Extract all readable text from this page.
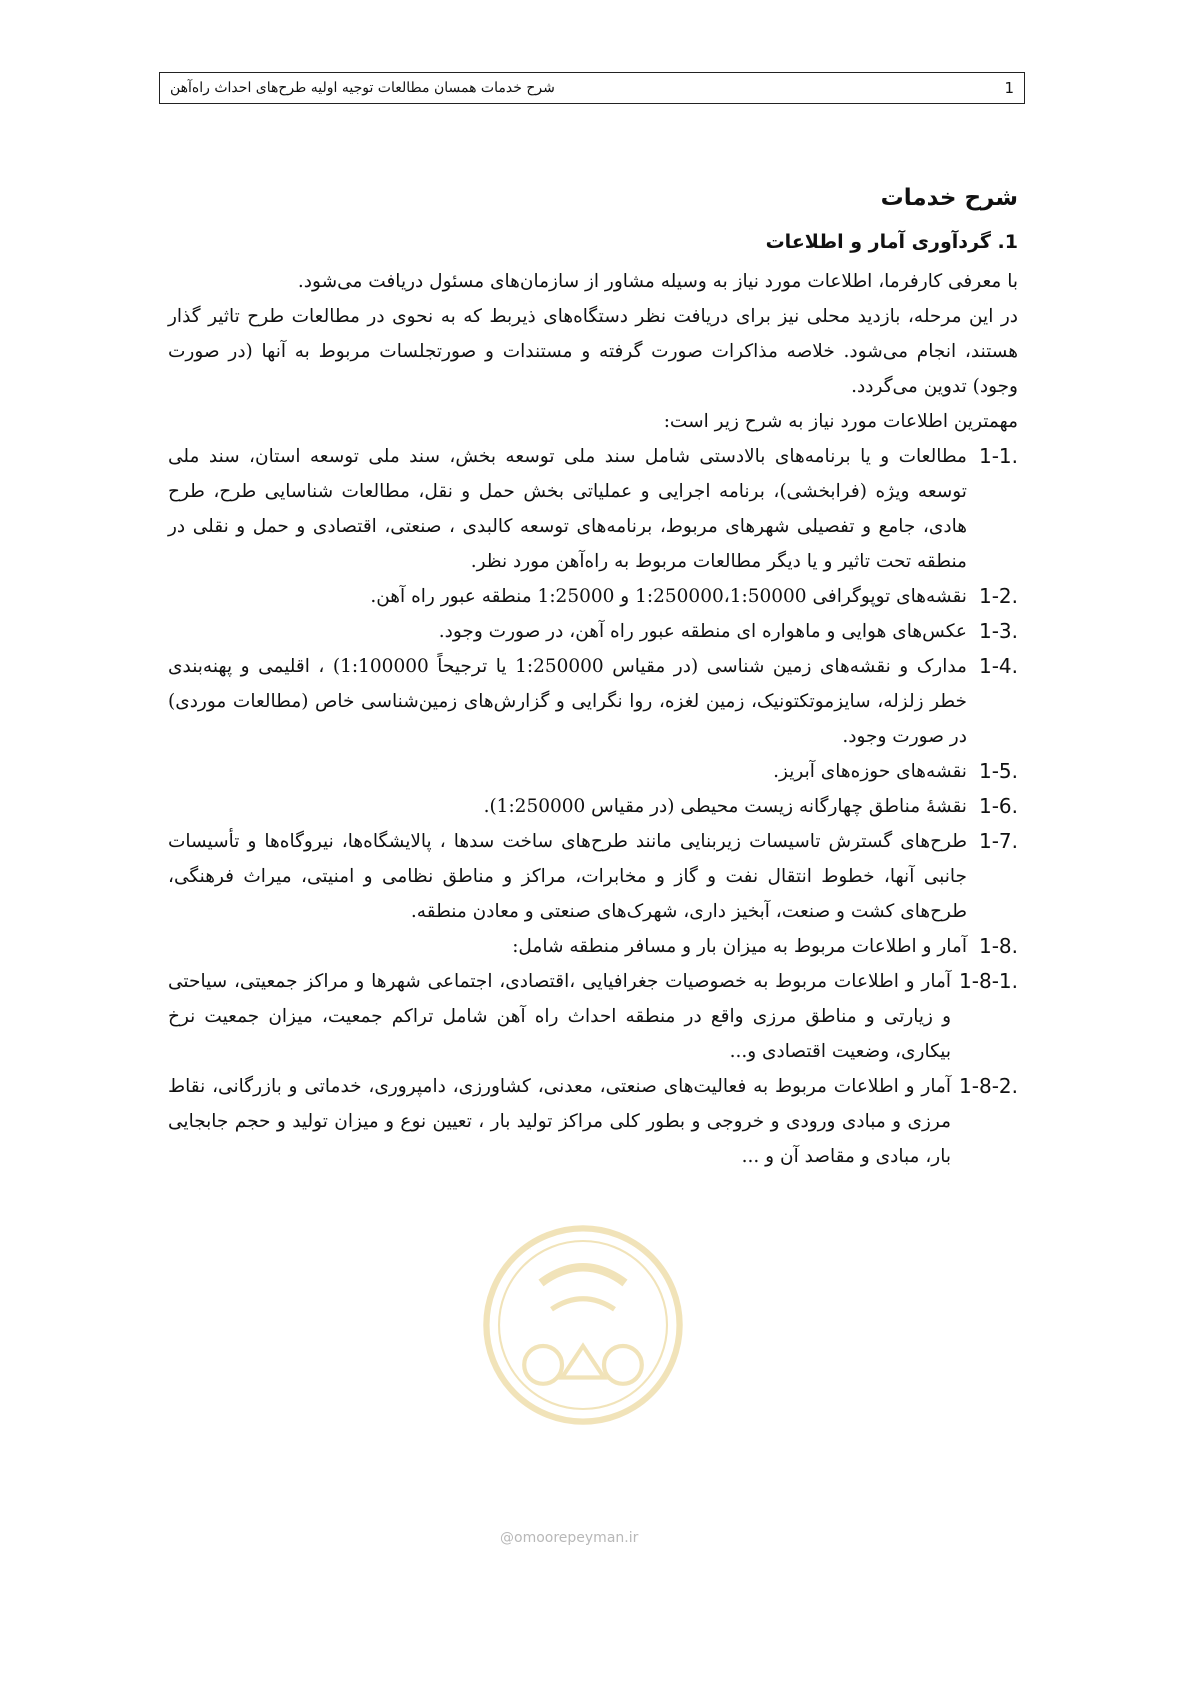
شرح خدمات همسان مطالعات توجیه اولیه طرح‌های احداث راه‌آهن	1
شرح خدمات
1. گردآوری آمار و اطلاعات

با معرفی کارفرما، اطلاعات مورد نیاز به وسیله مشاور از سازمان‌های مسئول دریافت می‌شود.

در این مرحله، بازدید محلی نیز برای دریافت نظر دستگاه‌های ذیربط که به نحوی در مطالعات طرح تاثیر گذار هستند، انجام می‌شود. خلاصه مذاکرات صورت گرفته و مستندات و صورتجلسات مربوط به آنها (در صورت وجود) تدوین می‌گردد.

مهمترین اطلاعات مورد نیاز به شرح زیر است:

1-1.
مطالعات و یا برنامه‌های بالادستی شامل سند ملی توسعه بخش، سند ملی توسعه استان، سند ملی توسعه ویژه (فرابخشی)، برنامه اجرایی و عملیاتی بخش حمل و نقل، مطالعات شناسایی طرح، طرح هادی، جامع و تفصیلی شهرهای مربوط، برنامه‌های توسعه کالبدی ، صنعتی، اقتصادی و حمل و نقلی در منطقه تحت تاثیر و یا دیگر مطالعات مربوط به راه‌آهن مورد نظر.
1-2.
نقشه‌های توپوگرافی 1:250000،1:50000 و 1:25000 منطقه عبور راه آهن.
1-3.
عکس‌های هوایی و ماهواره ای منطقه عبور راه آهن، در صورت وجود.
1-4.
مدارک و نقشه‌های زمین شناسی (در مقیاس 1:250000 یا ترجیحاً 1:100000) ، اقلیمی و پهنه‌بندی خطر زلزله، سایزموتکتونیک، زمین لغزه، روا نگرایی و گزارش‌های زمین‌شناسی خاص (مطالعات موردی) در صورت وجود.
1-5.
نقشه‌های حوزه‌های آبریز.
1-6.
نقشهٔ مناطق چهارگانه زیست محیطی (در مقیاس 1:250000).
1-7.
طرح‌های گسترش تاسیسات زیربنایی مانند طرح‌های ساخت سدها ، پالایشگاه‌ها، نیروگاه‌ها و تأسیسات جانبی آنها، خطوط انتقال نفت و گاز و مخابرات، مراکز و مناطق نظامی و امنیتی، میراث فرهنگی، طرح‌های کشت و صنعت، آبخیز داری، شهرک‌های صنعتی و معادن منطقه.
1-8.
آمار و اطلاعات مربوط به میزان بار و مسافر منطقه شامل:
1-8-1.
آمار و اطلاعات مربوط به خصوصیات جغرافیایی ،اقتصادی، اجتماعی شهرها و مراکز جمعیتی، سیاحتی و زیارتی و مناطق مرزی واقع در منطقه احداث راه آهن شامل تراکم جمعیت، میزان جمعیت نرخ بیکاری، وضعیت اقتصادی و...
1-8-2.
آمار و اطلاعات مربوط به فعالیت‌های صنعتی، معدنی، کشاورزی، دامپروری، خدماتی و بازرگانی، نقاط مرزی و مبادی ورودی و خروجی و بطور کلی مراکز تولید بار ، تعیین نوع و میزان تولید و حجم جابجایی بار، مبادی و مقاصد آن و ...
@omoorepeyman.ir
